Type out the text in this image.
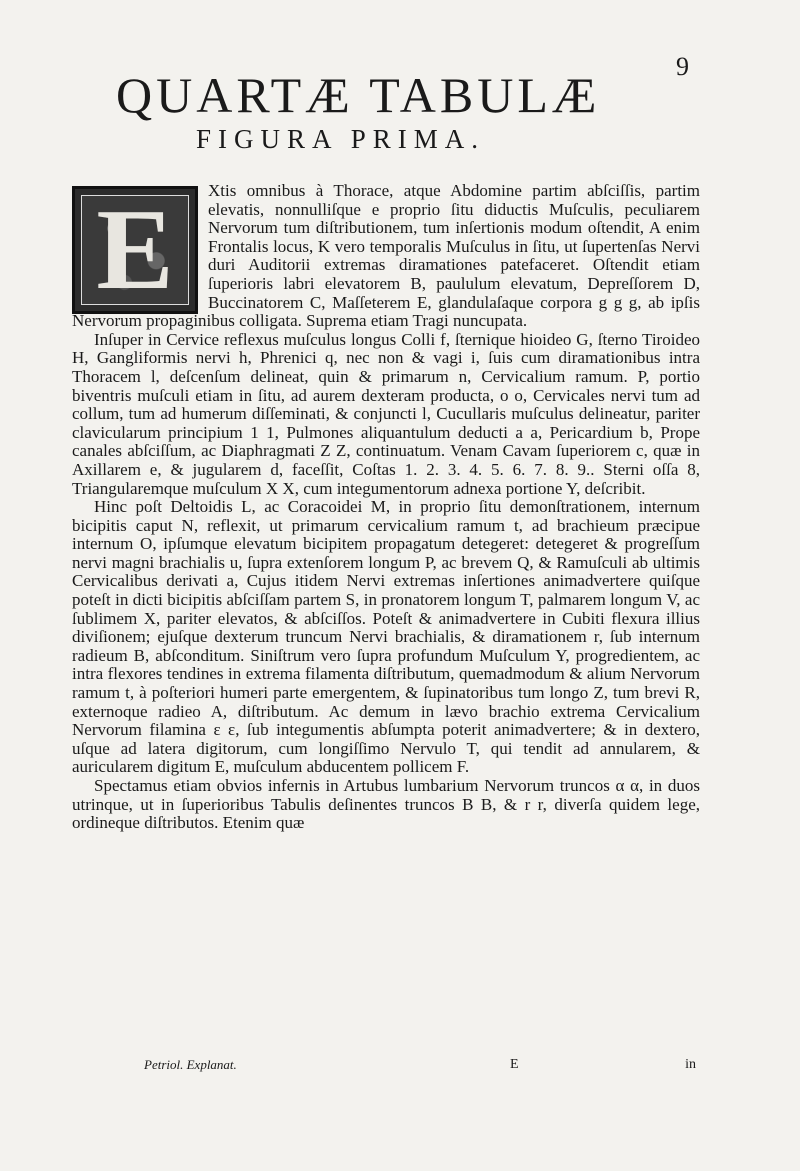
9
QUARTÆ TABULÆ
FIGURA PRIMA.
E	Xtis omnibus à Thorace, atque Abdomine partim abſciſſis, partim elevatis, nonnulliſque e proprio ſitu diductis Muſculis, peculiarem Nervorum tum diſtributionem, tum inſertionis modum oſtendit, A enim Frontalis locus, K vero temporalis Muſculus in ſitu, ut ſupertenſas Nervi duri Auditorii extremas diramationes patefaceret. Oſtendit etiam ſuperioris labri elevatorem B, paululum elevatum, Depreſſorem D, Buccinatorem C, Maſſeterem E, glandulaſaque corpora g g g, ab ipſis Nervorum propaginibus colligata. Suprema etiam Tragi nuncupata.

Inſuper in Cervice reflexus muſculus longus Colli f, ſternique hioideo G, ſterno Tiroideo H, Gangliformis nervi h, Phrenici q, nec non & vagi i, ſuis cum diramationibus intra Thoracem l, deſcenſum delineat, quin & primarum n, Cervicalium ramum. P, portio biventris muſculi etiam in ſitu, ad aurem dexteram producta, o o, Cervicales nervi tum ad collum, tum ad humerum diſſeminati, & conjuncti l, Cucullaris muſculus delineatur, pariter clavicularum principium 1 1, Pulmones aliquantulum deducti a a, Pericardium b, Prope canales abſciſſum, ac Diaphragmati Z Z, continuatum. Venam Cavam ſuperiorem c, quæ in Axillarem e, & jugularem d, faceſſit, Coſtas 1. 2. 3. 4. 5. 6. 7. 8. 9.. Sterni oſſa 8, Triangularemque muſculum X X, cum integumentorum adnexa portione Y, deſcribit.

Hinc poſt Deltoidis L, ac Coracoidei M, in proprio ſitu demonſtrationem, internum bicipitis caput N, reflexit, ut primarum cervicalium ramum t, ad brachieum præcipue internum O, ipſumque elevatum bicipitem propagatum detegeret: detegeret & progreſſum nervi magni brachialis u, ſupra extenſorem longum P, ac brevem Q, & Ramuſculi ab ultimis Cervicalibus derivati a, Cujus itidem Nervi extremas inſertiones animadvertere quiſque poteſt in dicti bicipitis abſciſſam partem S, in pronatorem longum T, palmarem longum V, ac ſublimem X, pariter elevatos, & abſciſſos. Poteſt & animadvertere in Cubiti flexura illius diviſionem; ejuſque dexterum truncum Nervi brachialis, & diramationem r, ſub internum radieum B, abſconditum. Siniſtrum vero ſupra profundum Muſculum Y, progredientem, ac intra flexores tendines in extrema filamenta diſtributum, quemadmodum & alium Nervorum ramum t, à poſteriori humeri parte emergentem, & ſupinatoribus tum longo Z, tum brevi R, externoque radieo A, diſtributum. Ac demum in lævo brachio extrema Cervicalium Nervorum filamina ε ε, ſub integumentis abſumpta poterit animadvertere; & in dextero, uſque ad latera digitorum, cum longiſſimo Nervulo T, qui tendit ad annularem, & auricularem digitum E, muſculum abducentem pollicem F.

Spectamus etiam obvios infernis in Artubus lumbarium Nervorum truncos α α, in duos utrinque, ut in ſuperioribus Tabulis deſinentes truncos B B, & r r, diverſa quidem lege, ordineque diſtributos. Etenim quæ

Petriol. Explanat.	E	in
